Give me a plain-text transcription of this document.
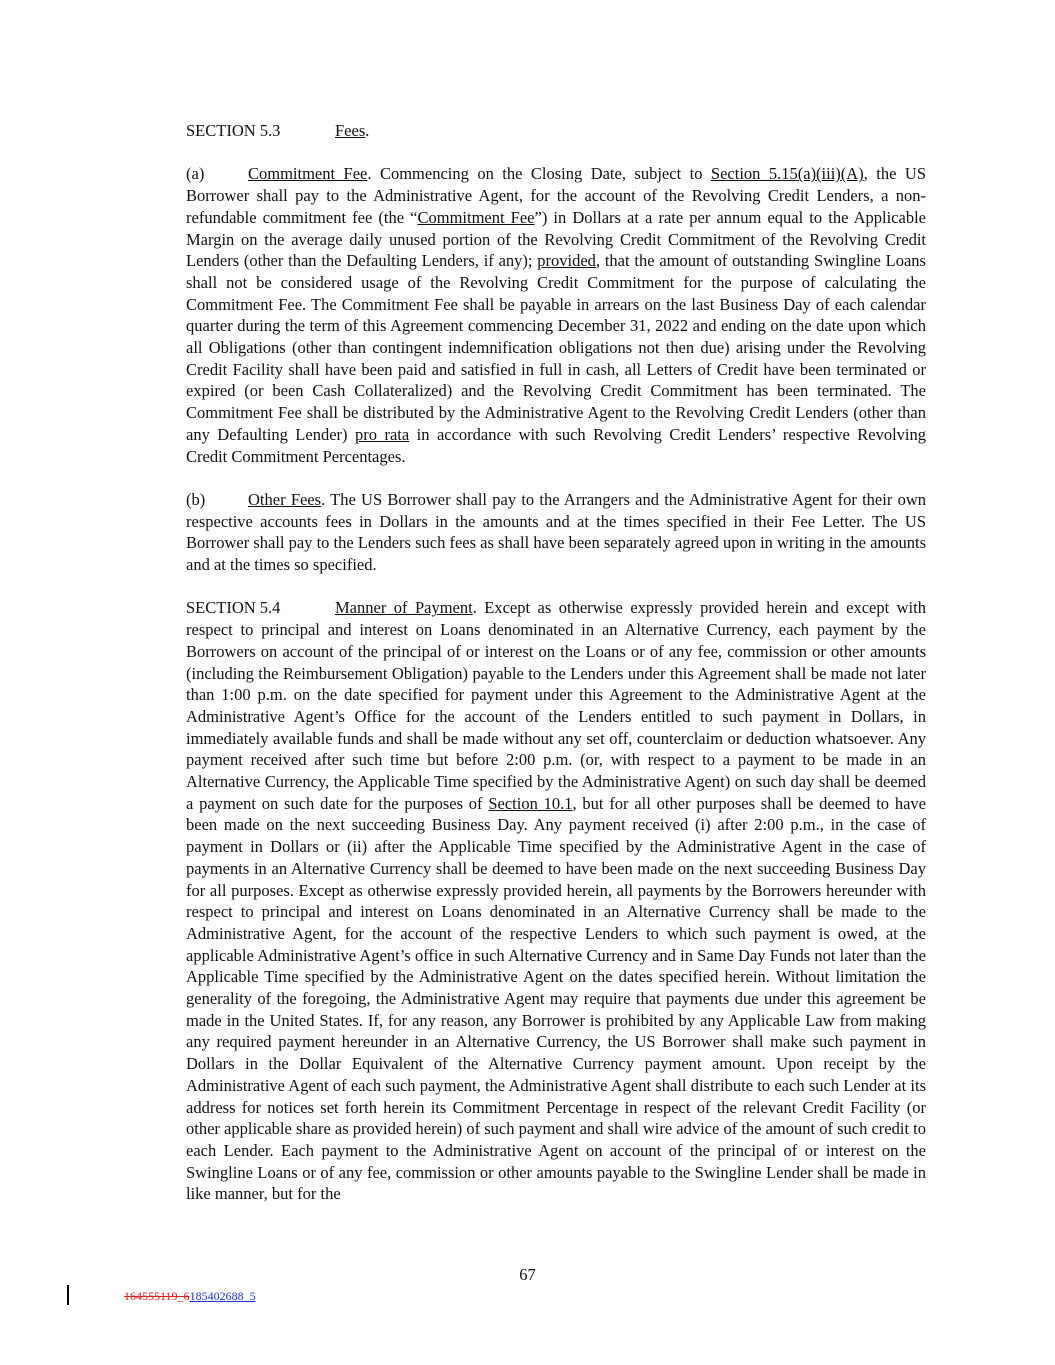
SECTION 5.3	Fees.
(a)	Commitment Fee. Commencing on the Closing Date, subject to Section 5.15(a)(iii)(A), the US Borrower shall pay to the Administrative Agent, for the account of the Revolving Credit Lenders, a non-refundable commitment fee (the “Commitment Fee”) in Dollars at a rate per annum equal to the Applicable Margin on the average daily unused portion of the Revolving Credit Commitment of the Revolving Credit Lenders (other than the Defaulting Lenders, if any); provided, that the amount of outstanding Swingline Loans shall not be considered usage of the Revolving Credit Commitment for the purpose of calculating the Commitment Fee. The Commitment Fee shall be payable in arrears on the last Business Day of each calendar quarter during the term of this Agreement commencing December 31, 2022 and ending on the date upon which all Obligations (other than contingent indemnification obligations not then due) arising under the Revolving Credit Facility shall have been paid and satisfied in full in cash, all Letters of Credit have been terminated or expired (or been Cash Collateralized) and the Revolving Credit Commitment has been terminated. The Commitment Fee shall be distributed by the Administrative Agent to the Revolving Credit Lenders (other than any Defaulting Lender) pro rata in accordance with such Revolving Credit Lenders’ respective Revolving Credit Commitment Percentages.
(b)	Other Fees. The US Borrower shall pay to the Arrangers and the Administrative Agent for their own respective accounts fees in Dollars in the amounts and at the times specified in their Fee Letter. The US Borrower shall pay to the Lenders such fees as shall have been separately agreed upon in writing in the amounts and at the times so specified.
SECTION 5.4	Manner of Payment. Except as otherwise expressly provided herein and except with respect to principal and interest on Loans denominated in an Alternative Currency, each payment by the Borrowers on account of the principal of or interest on the Loans or of any fee, commission or other amounts (including the Reimbursement Obligation) payable to the Lenders under this Agreement shall be made not later than 1:00 p.m. on the date specified for payment under this Agreement to the Administrative Agent at the Administrative Agent’s Office for the account of the Lenders entitled to such payment in Dollars, in immediately available funds and shall be made without any set off, counterclaim or deduction whatsoever. Any payment received after such time but before 2:00 p.m. (or, with respect to a payment to be made in an Alternative Currency, the Applicable Time specified by the Administrative Agent) on such day shall be deemed a payment on such date for the purposes of Section 10.1, but for all other purposes shall be deemed to have been made on the next succeeding Business Day. Any payment received (i) after 2:00 p.m., in the case of payment in Dollars or (ii) after the Applicable Time specified by the Administrative Agent in the case of payments in an Alternative Currency shall be deemed to have been made on the next succeeding Business Day for all purposes. Except as otherwise expressly provided herein, all payments by the Borrowers hereunder with respect to principal and interest on Loans denominated in an Alternative Currency shall be made to the Administrative Agent, for the account of the respective Lenders to which such payment is owed, at the applicable Administrative Agent’s office in such Alternative Currency and in Same Day Funds not later than the Applicable Time specified by the Administrative Agent on the dates specified herein. Without limitation the generality of the foregoing, the Administrative Agent may require that payments due under this agreement be made in the United States. If, for any reason, any Borrower is prohibited by any Applicable Law from making any required payment hereunder in an Alternative Currency, the US Borrower shall make such payment in Dollars in the Dollar Equivalent of the Alternative Currency payment amount. Upon receipt by the Administrative Agent of each such payment, the Administrative Agent shall distribute to each such Lender at its address for notices set forth herein its Commitment Percentage in respect of the relevant Credit Facility (or other applicable share as provided herein) of such payment and shall wire advice of the amount of such credit to each Lender. Each payment to the Administrative Agent on account of the principal of or interest on the Swingline Loans or of any fee, commission or other amounts payable to the Swingline Lender shall be made in like manner, but for the
67
164555119_6185402688_5
